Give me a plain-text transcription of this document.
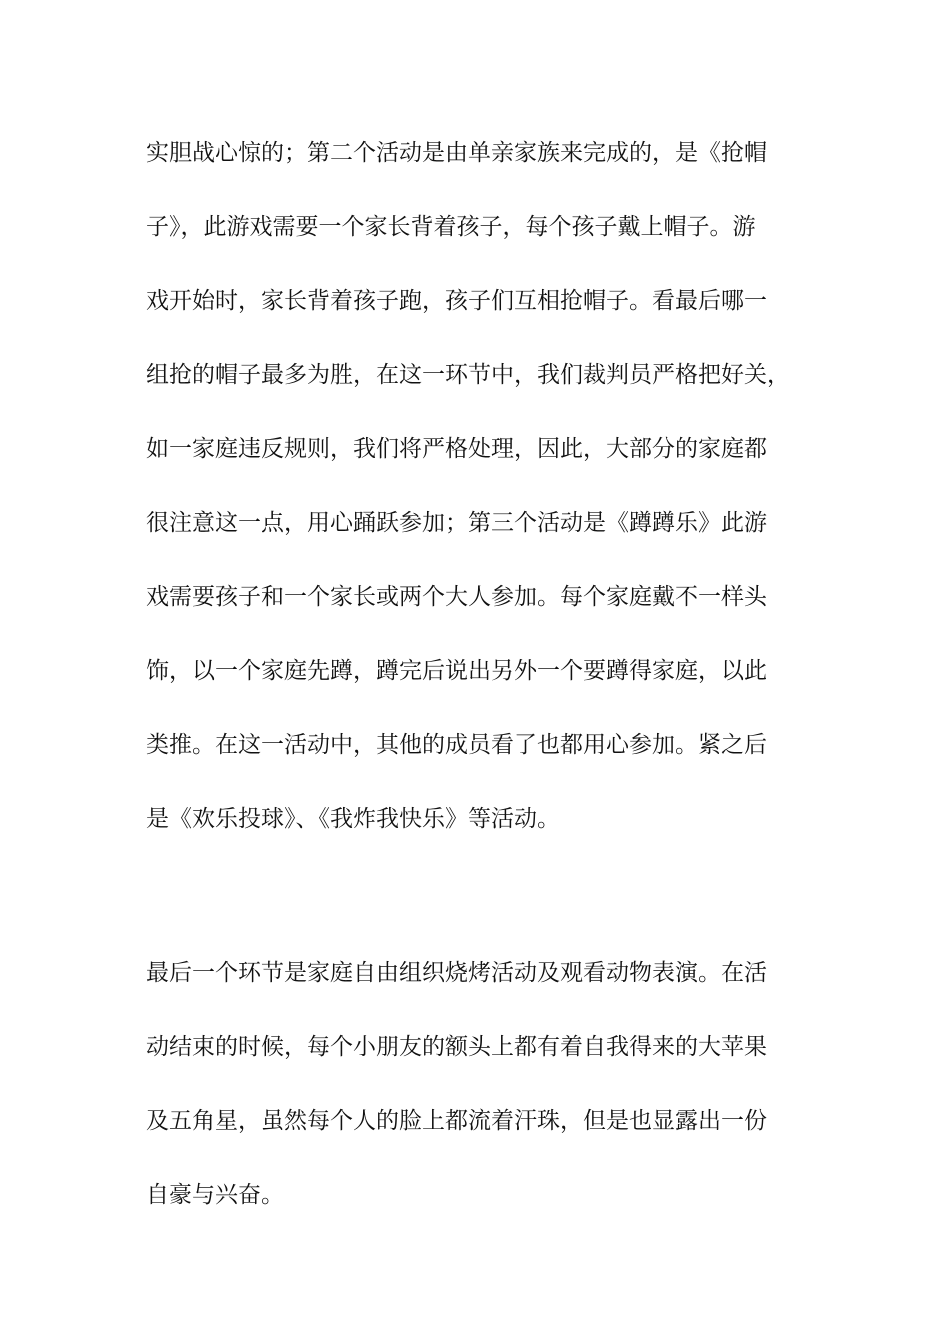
实胆战心惊的；第二个活动是由单亲家族来完成的，是《抢帽
子》，此游戏需要一个家长背着孩子，每个孩子戴上帽子。游
戏开始时，家长背着孩子跑，孩子们互相抢帽子。看最后哪一
组抢的帽子最多为胜，在这一环节中，我们裁判员严格把好关，
如一家庭违反规则，我们将严格处理，因此，大部分的家庭都
很注意这一点，用心踊跃参加；第三个活动是《蹲蹲乐》此游
戏需要孩子和一个家长或两个大人参加。每个家庭戴不一样头
饰，以一个家庭先蹲，蹲完后说出另外一个要蹲得家庭，以此
类推。在这一活动中，其他的成员看了也都用心参加。紧之后
是《欢乐投球》、《我炸我快乐》等活动。
最后一个环节是家庭自由组织烧烤活动及观看动物表演。在活
动结束的时候，每个小朋友的额头上都有着自我得来的大苹果
及五角星，虽然每个人的脸上都流着汗珠，但是也显露出一份
自豪与兴奋。
